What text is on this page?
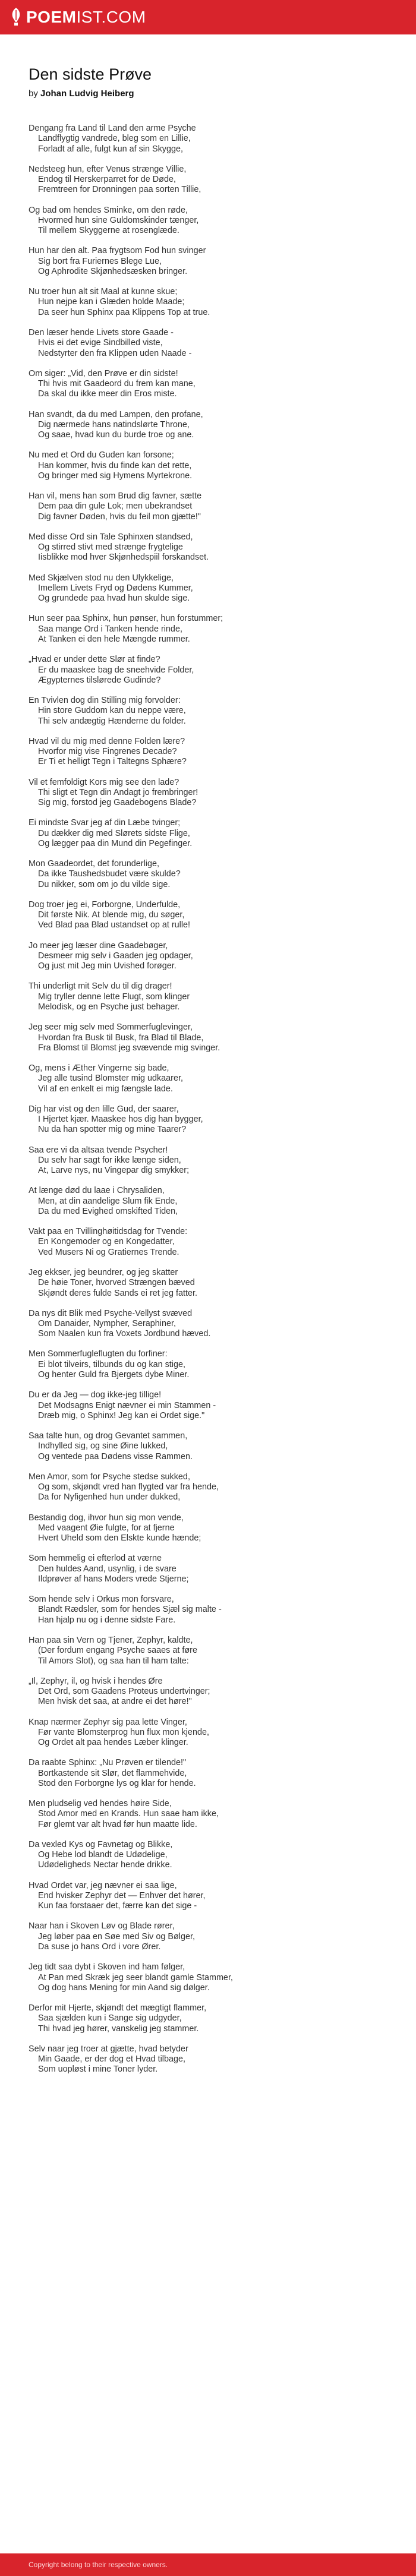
POEMIST.COM
Den sidste Prøve
by Johan Ludvig Heiberg
Dengang fra Land til Land den arme Psyche
Landflygtig vandrede, bleg som en Lillie,
Forladt af alle, fulgt kun af sin Skygge,
Nedsteeg hun, efter Venus strænge Villie,
Endog til Herskerparret for de Døde,
Fremtreen for Dronningen paa sorten Tillie,
Og bad om hendes Sminke, om den røde,
Hvormed hun sine Guldomskinder tænger,
Til mellem Skyggerne at rosenglæde.
Hun har den alt. Paa frygtsom Fod hun svinger
Sig bort fra Furiernes Blege Lue,
Og Aphrodite Skjønhedsæsken bringer.
Nu troer hun alt sit Maal at kunne skue;
Hun nejpe kan i Glæden holde Maade;
Da seer hun Sphinx paa Klippens Top at true.
Den læser hende Livets store Gaade -
Hvis ei det evige Sindbilled viste,
Nedstyrter den fra Klippen uden Naade -
Om siger: „Vid, den Prøve er din sidste!
Thi hvis mit Gaadeord du frem kan mane,
Da skal du ikke meer din Eros miste.
Han svandt, da du med Lampen, den profane,
Dig nærmede hans natindslørte Throne,
Og saae, hvad kun du burde troe og ane.
Nu med et Ord du Guden kan forsone;
Han kommer, hvis du finde kan det rette,
Og bringer med sig Hymens Myrtekrone.
Han vil, mens han som Brud dig favner, sætte
Dem paa din gule Lok; men ubekrandset
Dig favner Døden, hvis du feil mon gjætte!"
Med disse Ord sin Tale Sphinxen standsed,
Og stirred stivt med strænge frygtelige
Iisblikke mod hver Skjønhedspiil forskandset.
Med Skjælven stod nu den Ulykkelige,
Imellem Livets Fryd og Dødens Kummer,
Og grundede paa hvad hun skulde sige.
Hun seer paa Sphinx, hun pønser, hun forstummer;
Saa mange Ord i Tanken hende rinde,
At Tanken ei den hele Mængde rummer.
„Hvad er under dette Slør at finde?
Er du maaskee bag de sneehvide Folder,
Ægypternes tilslørede Gudinde?
En Tvivlen dog din Stilling mig forvolder:
Hin store Guddom kan du neppe være,
Thi selv andægtig Hænderne du folder.
Hvad vil du mig med denne Folden lære?
Hvorfor mig vise Fingrenes Decade?
Er Ti et helligt Tegn i Taltegns Sphære?
Vil et femfoldigt Kors mig see den lade?
Thi sligt et Tegn din Andagt jo frembringer!
Sig mig, forstod jeg Gaadebogens Blade?
Ei mindste Svar jeg af din Læbe tvinger;
Du dækker dig med Slørets sidste Flige,
Og lægger paa din Mund din Pegefinger.
Mon Gaadeordet, det forunderlige,
Da ikke Taushedsbudet være skulde?
Du nikker, som om jo du vilde sige.
Dog troer jeg ei, Forborgne, Underfulde,
Dit første Nik. At blende mig, du søger,
Ved Blad paa Blad ustandset op at rulle!
Jo meer jeg læser dine Gaadebøger,
Desmeer mig selv i Gaaden jeg opdager,
Og just mit Jeg min Uvished forøger.
Thi underligt mit Selv du til dig drager!
Mig tryller denne lette Flugt, som klinger
Melodisk, og en Psyche just behager.
Jeg seer mig selv med Sommerfuglevinger,
Hvordan fra Busk til Busk, fra Blad til Blade,
Fra Blomst til Blomst jeg svævende mig svinger.
Og, mens i Æther Vingerne sig bade,
Jeg alle tusind Blomster mig udkaarer,
Vil af en enkelt ei mig fængsle lade.
Dig har vist og den lille Gud, der saarer,
I Hjertet kjær. Maaskee hos dig han bygger,
Nu da han spotter mig og mine Taarer?
Saa ere vi da altsaa tvende Psycher!
Du selv har sagt for ikke længe siden,
At, Larve nys, nu Vingepar dig smykker;
At længe død du laae i Chrysaliden,
Men, at din aandelige Slum fik Ende,
Da du med Evighed omskifted Tiden,
Vakt paa en Tvillinghøitidsdag for Tvende:
En Kongemoder og en Kongedatter,
Ved Musers Ni og Gratiernes Trende.
Jeg ekkser, jeg beundrer, og jeg skatter
De høie Toner, hvorved Strængen bæved
Skjøndt deres fulde Sands ei ret jeg fatter.
Da nys dit Blik med Psyche-Vellyst svæved
Om Danaider, Nympher, Seraphiner,
Som Naalen kun fra Voxets Jordbund hæved.
Men Sommerfugleflugten du forfiner:
Ei blot tilveirs, tilbunds du og kan stige,
Og henter Guld fra Bjergets dybe Miner.
Du er da Jeg — dog ikke-jeg tillige!
Det Modsagns Enigt nævner ei min Stammen -
Dræb mig, o Sphinx! Jeg kan ei Ordet sige."
Saa talte hun, og drog Gevantet sammen,
Indhylled sig, og sine Øine lukked,
Og ventede paa Dødens visse Rammen.
Men Amor, som for Psyche stedse sukked,
Og som, skjøndt vred han flygted var fra hende,
Da for Nyfigenhed hun under dukked,
Bestandig dog, ihvor hun sig mon vende,
Med vaagent Øie fulgte, for at fjerne
Hvert Uheld som den Elskte kunde hænde;
Som hemmelig ei efterlod at værne
Den huldes Aand, usynlig, i de svare
Ildprøver af hans Moders vrede Stjerne;
Som hende selv i Orkus mon forsvare,
Blandt Rædsler, som for hendes Sjæl sig malte -
Han hjalp nu og i denne sidste Fare.
Han paa sin Vern og Tjener, Zephyr, kaldte,
(Der fordum engang Psyche saaes at føre
Til Amors Slot), og saa han til ham talte:
„Il, Zephyr, il, og hvisk i hendes Øre
Det Ord, som Gaadens Proteus undertvinger;
Men hvisk det saa, at andre ei det høre!"
Knap nærmer Zephyr sig paa lette Vinger,
Før vante Blomsterprog hun flux mon kjende,
Og Ordet alt paa hendes Læber klinger.
Da raabte Sphinx: „Nu Prøven er tilende!"
Bortkastende sit Slør, det flammehvide,
Stod den Forborgne lys og klar for hende.
Men pludselig ved hendes høire Side,
Stod Amor med en Krands. Hun saae ham ikke,
Før glemt var alt hvad før hun maatte lide.
Da vexled Kys og Favnetag og Blikke,
Og Hebe lod blandt de Udødelige,
Udødeligheds Nectar hende drikke.
Hvad Ordet var, jeg nævner ei saa lige,
End hvisker Zephyr det — Enhver det hører,
Kun faa forstaaer det, færre kan det sige -
Naar han i Skoven Løv og Blade rører,
Jeg løber paa en Søe med Siv og Bølger,
Da suse jo hans Ord i vore Ører.
Jeg tidt saa dybt i Skoven ind ham følger,
At Pan med Skræk jeg seer blandt gamle Stammer,
Og dog hans Mening for min Aand sig dølger.
Derfor mit Hjerte, skjøndt det mægtigt flammer,
Saa sjælden kun i Sange sig udgyder,
Thi hvad jeg hører, vanskelig jeg stammer.
Selv naar jeg troer at gjætte, hvad betyder
Min Gaade, er der dog et Hvad tilbage,
Som uopløst i mine Toner lyder.
Copyright belong to their respective owners.
